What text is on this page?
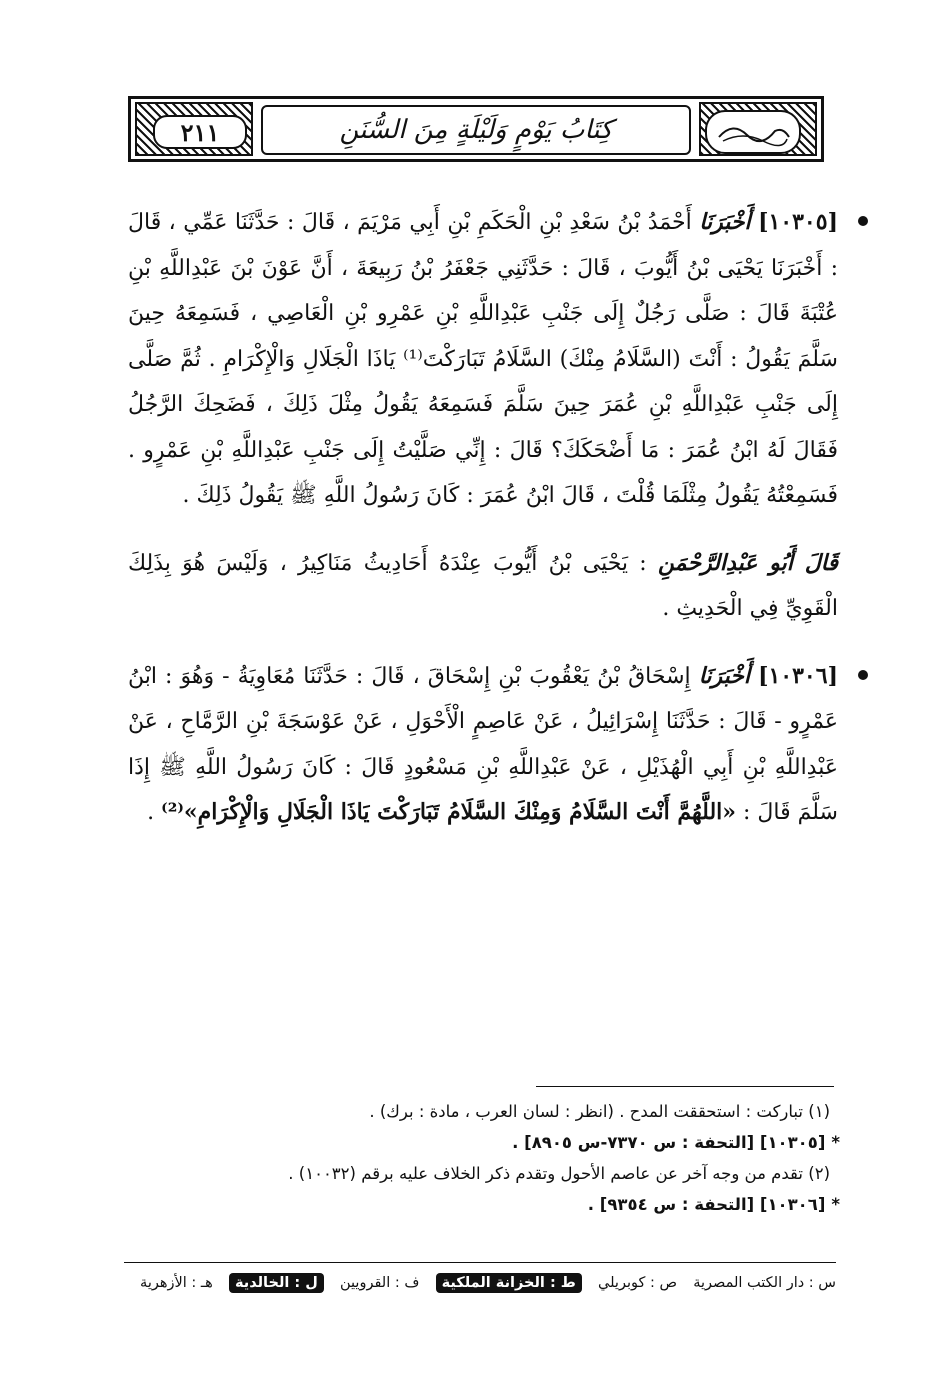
٢١١	كِتَابُ يَوْمٍ وَلَيْلَةٍ مِنَ السُّنَنِ

[١٠٣٠٥] أَخْبَرَنَا أَحْمَدُ بْنُ سَعْدِ بْنِ الْحَكَمِ بْنِ أَبِي مَرْيَمَ ، قَالَ : حَدَّثَنَا عَمِّي ، قَالَ : أَخْبَرَنَا يَحْيَى بْنُ أَيُّوبَ ، قَالَ : حَدَّثَنِي جَعْفَرُ بْنُ رَبِيعَةَ ، أَنَّ عَوْنَ بْنَ عَبْدِاللَّهِ بْنِ عُتْبَةَ قَالَ : صَلَّى رَجُلٌ إِلَى جَنْبِ عَبْدِاللَّهِ بْنِ عَمْرِو بْنِ الْعَاصِي ، فَسَمِعَهُ حِينَ سَلَّمَ يَقُولُ : أَنْتَ (السَّلَامُ مِنْكَ) السَّلَامُ تَبَارَكْتَ⁽¹⁾ يَاذَا الْجَلَالِ وَالْإِكْرَامِ . ثُمَّ صَلَّى إِلَى جَنْبِ عَبْدِاللَّهِ بْنِ عُمَرَ حِينَ سَلَّمَ فَسَمِعَهُ يَقُولُ مِثْلَ ذَلِكَ ، فَضَحِكَ الرَّجُلُ فَقَالَ لَهُ ابْنُ عُمَرَ : مَا أَضْحَكَكَ؟ قَالَ : إِنِّي صَلَّيْتُ إِلَى جَنْبِ عَبْدِاللَّهِ بْنِ عَمْرٍو . فَسَمِعْتُهُ يَقُولُ مِثْلَمَا قُلْتَ ، قَالَ ابْنُ عُمَرَ : كَانَ رَسُولُ اللَّهِ ﷺ يَقُولُ ذَلِكَ .

قَالَ أَبُو عَبْدِالرَّحْمَنِ : يَحْيَى بْنُ أَيُّوبَ عِنْدَهُ أَحَادِيثُ مَنَاكِيرُ ، وَلَيْسَ هُوَ بِذَلِكَ الْقَوِيِّ فِي الْحَدِيثِ .

[١٠٣٠٦] أَخْبَرَنَا إِسْحَاقُ بْنُ يَعْقُوبَ بْنِ إِسْحَاقَ ، قَالَ : حَدَّثَنَا مُعَاوِيَةُ - وَهُوَ : ابْنُ عَمْرٍو - قَالَ : حَدَّثَنَا إِسْرَائِيلُ ، عَنْ عَاصِمٍ الْأَحْوَلِ ، عَنْ عَوْسَجَةَ بْنِ الرَّمَّاحِ ، عَنْ عَبْدِاللَّهِ بْنِ أَبِي الْهُذَيْلِ ، عَنْ عَبْدِاللَّهِ بْنِ مَسْعُودٍ قَالَ : كَانَ رَسُولُ اللَّهِ ﷺ إِذَا سَلَّمَ قَالَ : «اللَّهُمَّ أَنْتَ السَّلَامُ وَمِنْكَ السَّلَامُ تَبَارَكْتَ يَاذَا الْجَلَالِ وَالْإِكْرَامِ»⁽²⁾ .

(١) تباركت : استحققت المدح . (انظر : لسان العرب ، مادة : برك) .
*[١٠٣٠٥] [التحفة : س ٧٣٧٠-س ٨٩٠٥] .
(٢) تقدم من وجه آخر عن عاصم الأحول وتقدم ذكر الخلاف عليه برقم (١٠٠٣٢) .
*[١٠٣٠٦] [التحفة : س ٩٣٥٤] .
س : دار الكتب المصرية
ص : كوبريلي
ط : الخزانة الملكية
ف : القرويين
ل : الخالدية
هـ : الأزهرية
